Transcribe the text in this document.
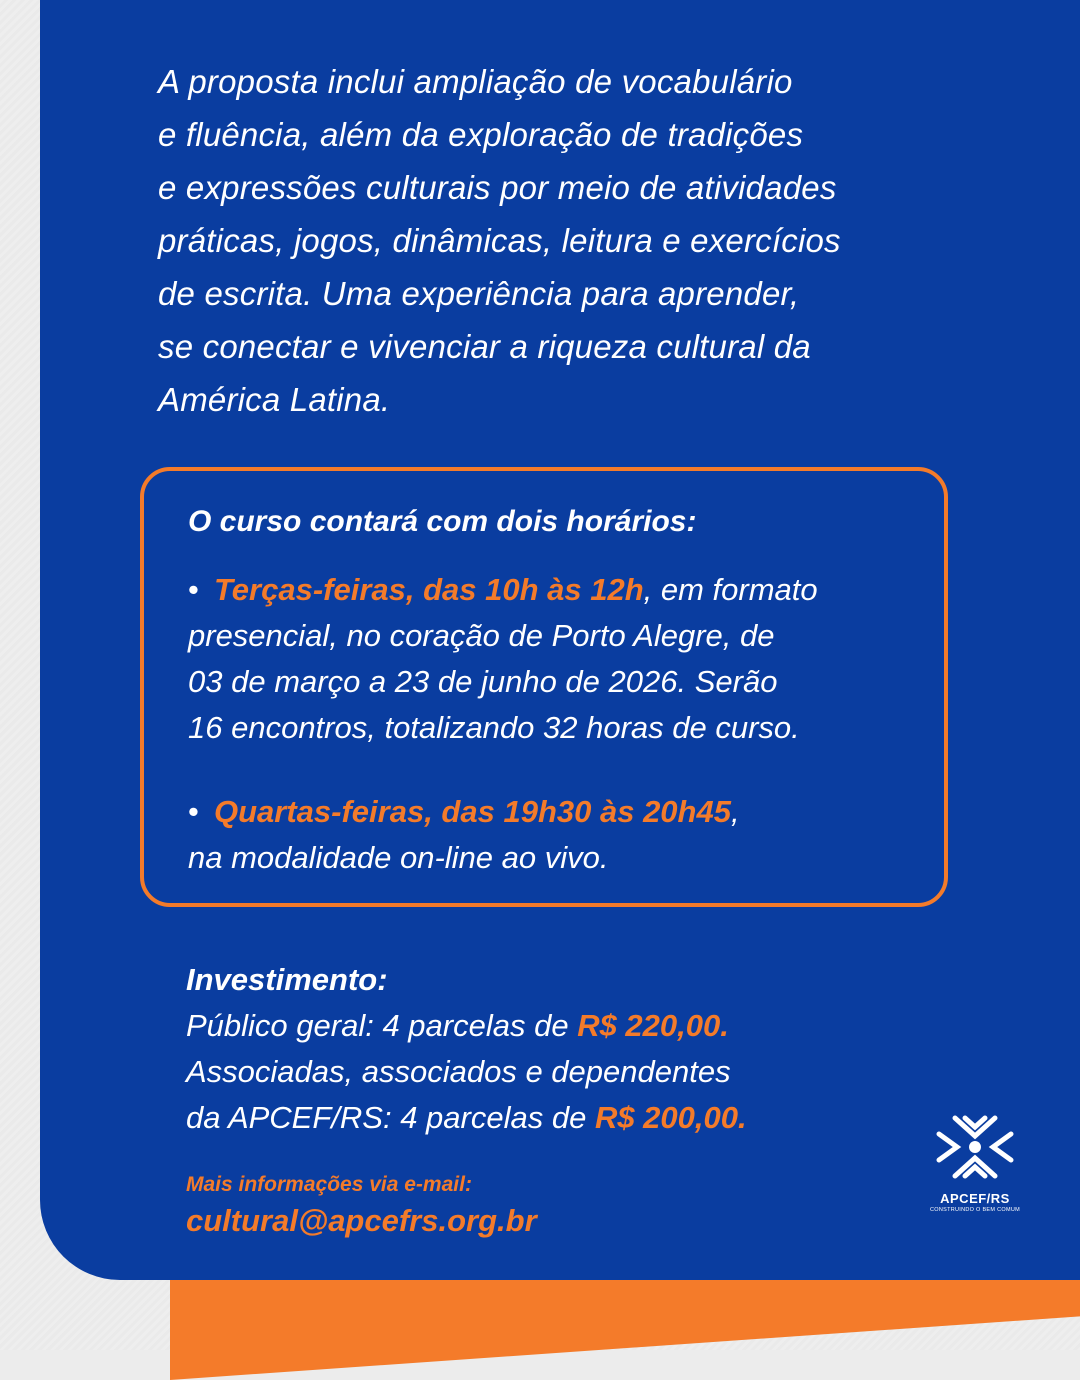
A proposta inclui ampliação de vocabulário
e fluência, além da exploração de tradições
e expressões culturais por meio de atividades
práticas, jogos, dinâmicas, leitura e exercícios
de escrita. Uma experiência para aprender,
se conectar e vivenciar a riqueza cultural da
América Latina.
O curso contará com dois horários:
• Terças-feiras, das 10h às 12h, em formato
presencial, no coração de Porto Alegre, de
03 de março a 23 de junho de 2026. Serão
16 encontros, totalizando 32 horas de curso.
• Quartas-feiras, das 19h30 às 20h45,
na modalidade on-line ao vivo.
Investimento:
Público geral: 4 parcelas de R$ 220,00.
Associadas, associados e dependentes
da APCEF/RS: 4 parcelas de R$ 200,00.
Mais informações via e-mail:
cultural@apcefrs.org.br
APCEF/RS
CONSTRUINDO O BEM COMUM
